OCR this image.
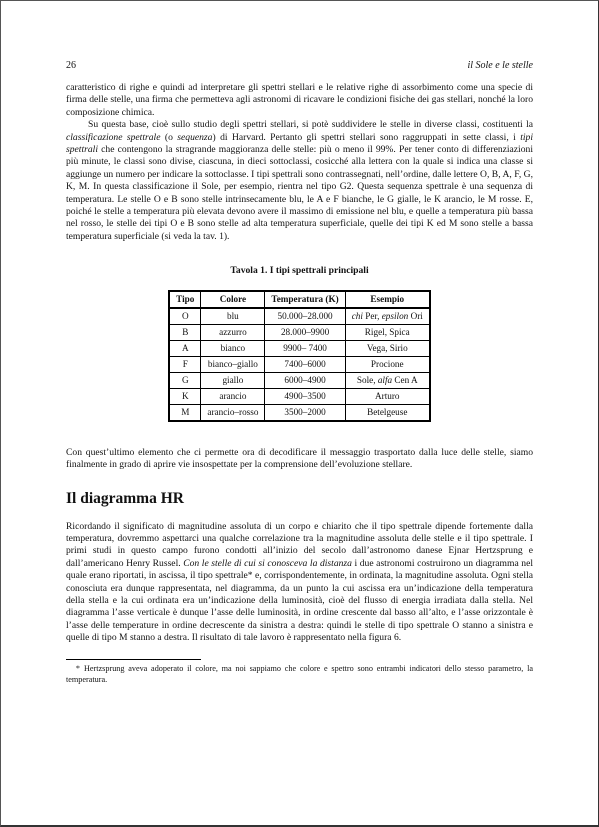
26	il Sole e le stelle

caratteristico di righe e quindi ad interpretare gli spettri stellari e le relative righe di assorbimento come una specie di firma delle stelle, una firma che permetteva agli astronomi di ricavare le condizioni fisiche dei gas stellari, nonché la loro composizione chimica.

Su questa base, cioè sullo studio degli spettri stellari, si potè suddividere le stelle in diverse classi, costituenti la classificazione spettrale (o sequenza) di Harvard. Pertanto gli spettri stellari sono raggruppati in sette classi, i tipi spettrali che contengono la stragrande maggioranza delle stelle: più o meno il 99%. Per tener conto di differenziazioni più minute, le classi sono divise, ciascuna, in dieci sottoclassi, cosicché alla lettera con la quale si indica una classe si aggiunge un numero per indicare la sottoclasse. I tipi spettrali sono contrassegnati, nell’ordine, dalle lettere O, B, A, F, G, K, M. In questa classificazione il Sole, per esempio, rientra nel tipo G2. Questa sequenza spettrale è una sequenza di temperatura. Le stelle O e B sono stelle intrinsecamente blu, le A e F bianche, le G gialle, le K arancio, le M rosse. E, poiché le stelle a temperatura più elevata devono avere il massimo di emissione nel blu, e quelle a temperatura più bassa nel rosso, le stelle dei tipi O e B sono stelle ad alta temperatura superficiale, quelle dei tipi K ed M sono stelle a bassa temperatura superficiale (si veda la tav. 1).

Tavola 1. I tipi spettrali principali
Tipo	Colore	Temperatura (K)	Esempio
O	blu	50.000–28.000	chi Per, epsilon Ori
B	azzurro	28.000–9900	Rigel, Spica
A	bianco	9900– 7400	Vega, Sirio
F	bianco–giallo	7400–6000	Procione
G	giallo	6000–4900	Sole, alfa Cen A
K	arancio	4900–3500	Arturo
M	arancio–rosso	3500–2000	Betelgeuse

Con quest’ultimo elemento che ci permette ora di decodificare il messaggio trasportato dalla luce delle stelle, siamo finalmente in grado di aprire vie insospettate per la comprensione dell’evoluzione stellare.

Il diagramma HR

Ricordando il significato di magnitudine assoluta di un corpo e chiarito che il tipo spettrale dipende fortemente dalla temperatura, dovremmo aspettarci una qualche correlazione tra la magnitudine assoluta delle stelle e il tipo spettrale. I primi studi in questo campo furono condotti all’inizio del secolo dall’astronomo danese Ejnar Hertzsprung e dall’americano Henry Russel. Con le stelle di cui si conosceva la distanza i due astronomi costruirono un diagramma nel quale erano riportati, in ascissa, il tipo spettrale* e, corrispondentemente, in ordinata, la magnitudine assoluta. Ogni stella conosciuta era dunque rappresentata, nel diagramma, da un punto la cui ascissa era un’indicazione della temperatura della stella e la cui ordinata era un’indicazione della luminosità, cioè del flusso di energia irradiata dalla stella. Nel diagramma l’asse verticale è dunque l’asse delle luminosità, in ordine crescente dal basso all’alto, e l’asse orizzontale è l’asse delle temperature in ordine decrescente da sinistra a destra: quindi le stelle di tipo spettrale O stanno a sinistra e quelle di tipo M stanno a destra. Il risultato di tale lavoro è rappresentato nella figura 6.

* Hertzsprung aveva adoperato il colore, ma noi sappiamo che colore e spettro sono entrambi indicatori dello stesso parametro, la temperatura.
